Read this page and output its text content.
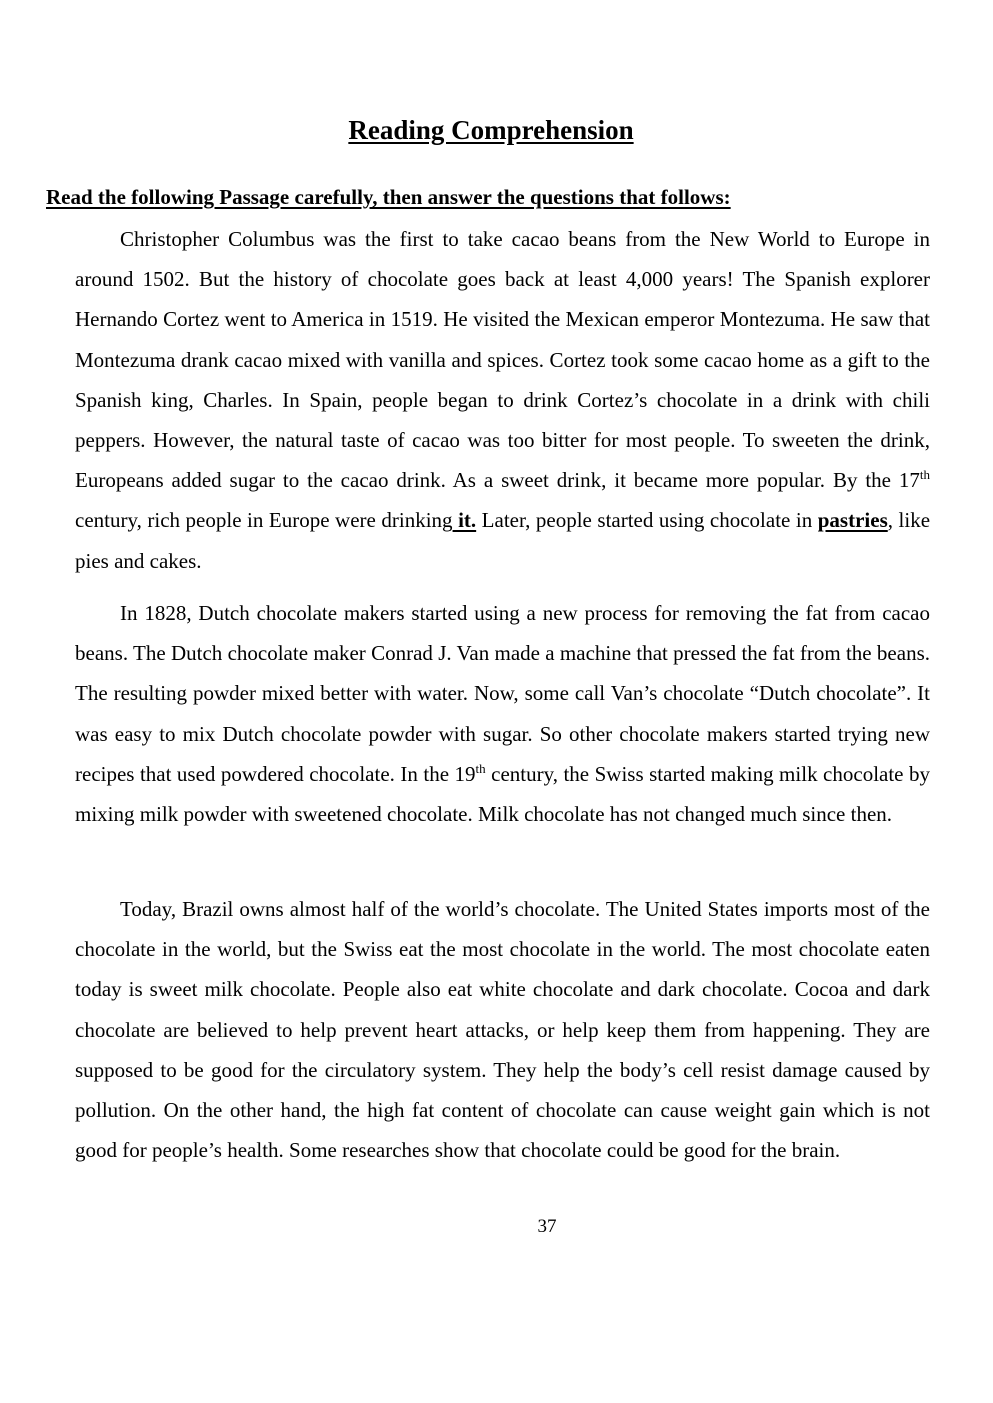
Reading Comprehension

Read the following Passage carefully, then answer the questions that follows:

Christopher Columbus was the first to take cacao beans from the New World to Europe in around 1502. But the history of chocolate goes back at least 4,000 years! The Spanish explorer Hernando Cortez went to America in 1519. He visited the Mexican emperor Montezuma. He saw that Montezuma drank cacao mixed with vanilla and spices. Cortez took some cacao home as a gift to the Spanish king, Charles. In Spain, people began to drink Cortez’s chocolate in a drink with chili peppers. However, the natural taste of cacao was too bitter for most people. To sweeten the drink, Europeans added sugar to the cacao drink. As a sweet drink, it became more popular. By the 17th century, rich people in Europe were drinking it. Later, people started using chocolate in pastries, like pies and cakes.

In 1828, Dutch chocolate makers started using a new process for removing the fat from cacao beans. The Dutch chocolate maker Conrad J. Van made a machine that pressed the fat from the beans. The resulting powder mixed better with water. Now, some call Van’s chocolate “Dutch chocolate”. It was easy to mix Dutch chocolate powder with sugar. So other chocolate makers started trying new recipes that used powdered chocolate. In the 19th century, the Swiss started making milk chocolate by mixing milk powder with sweetened chocolate. Milk chocolate has not changed much since then.

Today, Brazil owns almost half of the world’s chocolate. The United States imports most of the chocolate in the world, but the Swiss eat the most chocolate in the world. The most chocolate eaten today is sweet milk chocolate. People also eat white chocolate and dark chocolate. Cocoa and dark chocolate are believed to help prevent heart attacks, or help keep them from happening. They are supposed to be good for the circulatory system. They help the body’s cell resist damage caused by pollution. On the other hand, the high fat content of chocolate can cause weight gain which is not good for people’s health. Some researches show that chocolate could be good for the brain.

37
